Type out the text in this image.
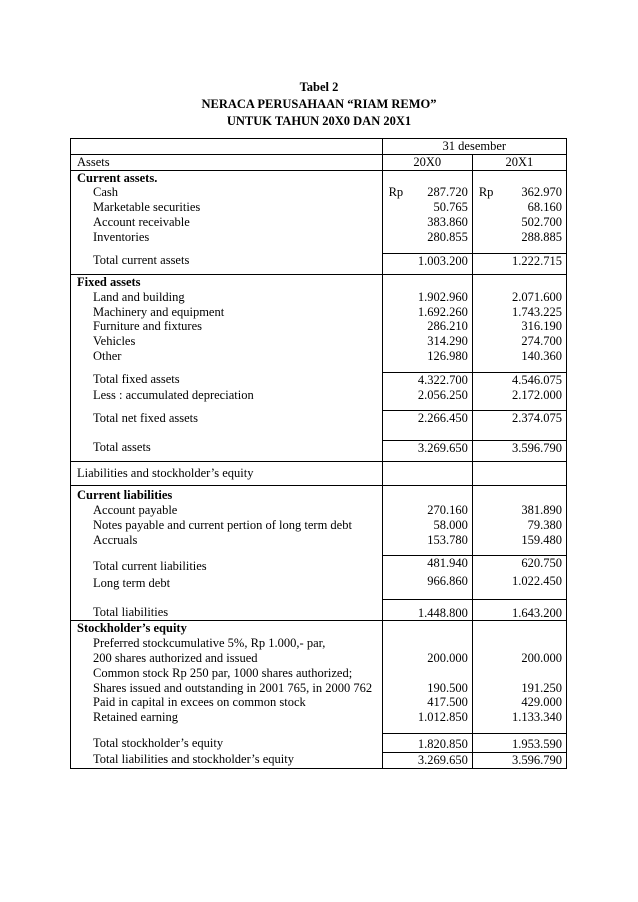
Tabel 2
NERACA PERUSAHAAN “RIAM REMO”
UNTUK TAHUN 20X0 DAN 20X1
	31 desember	
Assets	20X0	20X1
Current assets.		

Cash	Rp 287.720	Rp 362.970

Marketable securities	50.765	68.160

Account receivable	383.860	502.700

Inventories	280.855	288.885

Total current assets	1.003.200	1.222.715

Fixed assets		

Land and building	1.902.960	2.071.600

Machinery and equipment	1.692.260	1.743.225

Furniture and fixtures	286.210	316.190

Vehicles	314.290	274.700

Other	126.980	140.360

Total fixed assets	4.322.700	4.546.075

Less : accumulated depreciation	2.056.250	2.172.000

Total net fixed assets	2.266.450	2.374.075

Total assets	3.269.650	3.596.790

Liabilities and stockholder’s equity		
Current liabilities		

Account payable	270.160	381.890

Notes payable and current pertion of long term debt	58.000	79.380

Accruals	153.780	159.480

Total current liabilities	481.940	620.750

Long term debt	966.860	1.022.450

Total liabilities	1.448.800	1.643.200

Stockholder’s equity		

Preferred stockcumulative 5%, Rp 1.000,- par,		

200 shares authorized and issued	200.000	200.000

Common stock Rp 250 par, 1000 shares authorized;		

Shares issued and outstanding in 2001 765, in 2000 762	190.500	191.250

Paid in capital in excees on common stock	417.500	429.000

Retained earning	1.012.850	1.133.340

Total stockholder’s equity	1.820.850	1.953.590

Total liabilities and stockholder’s equity	3.269.650	3.596.790
